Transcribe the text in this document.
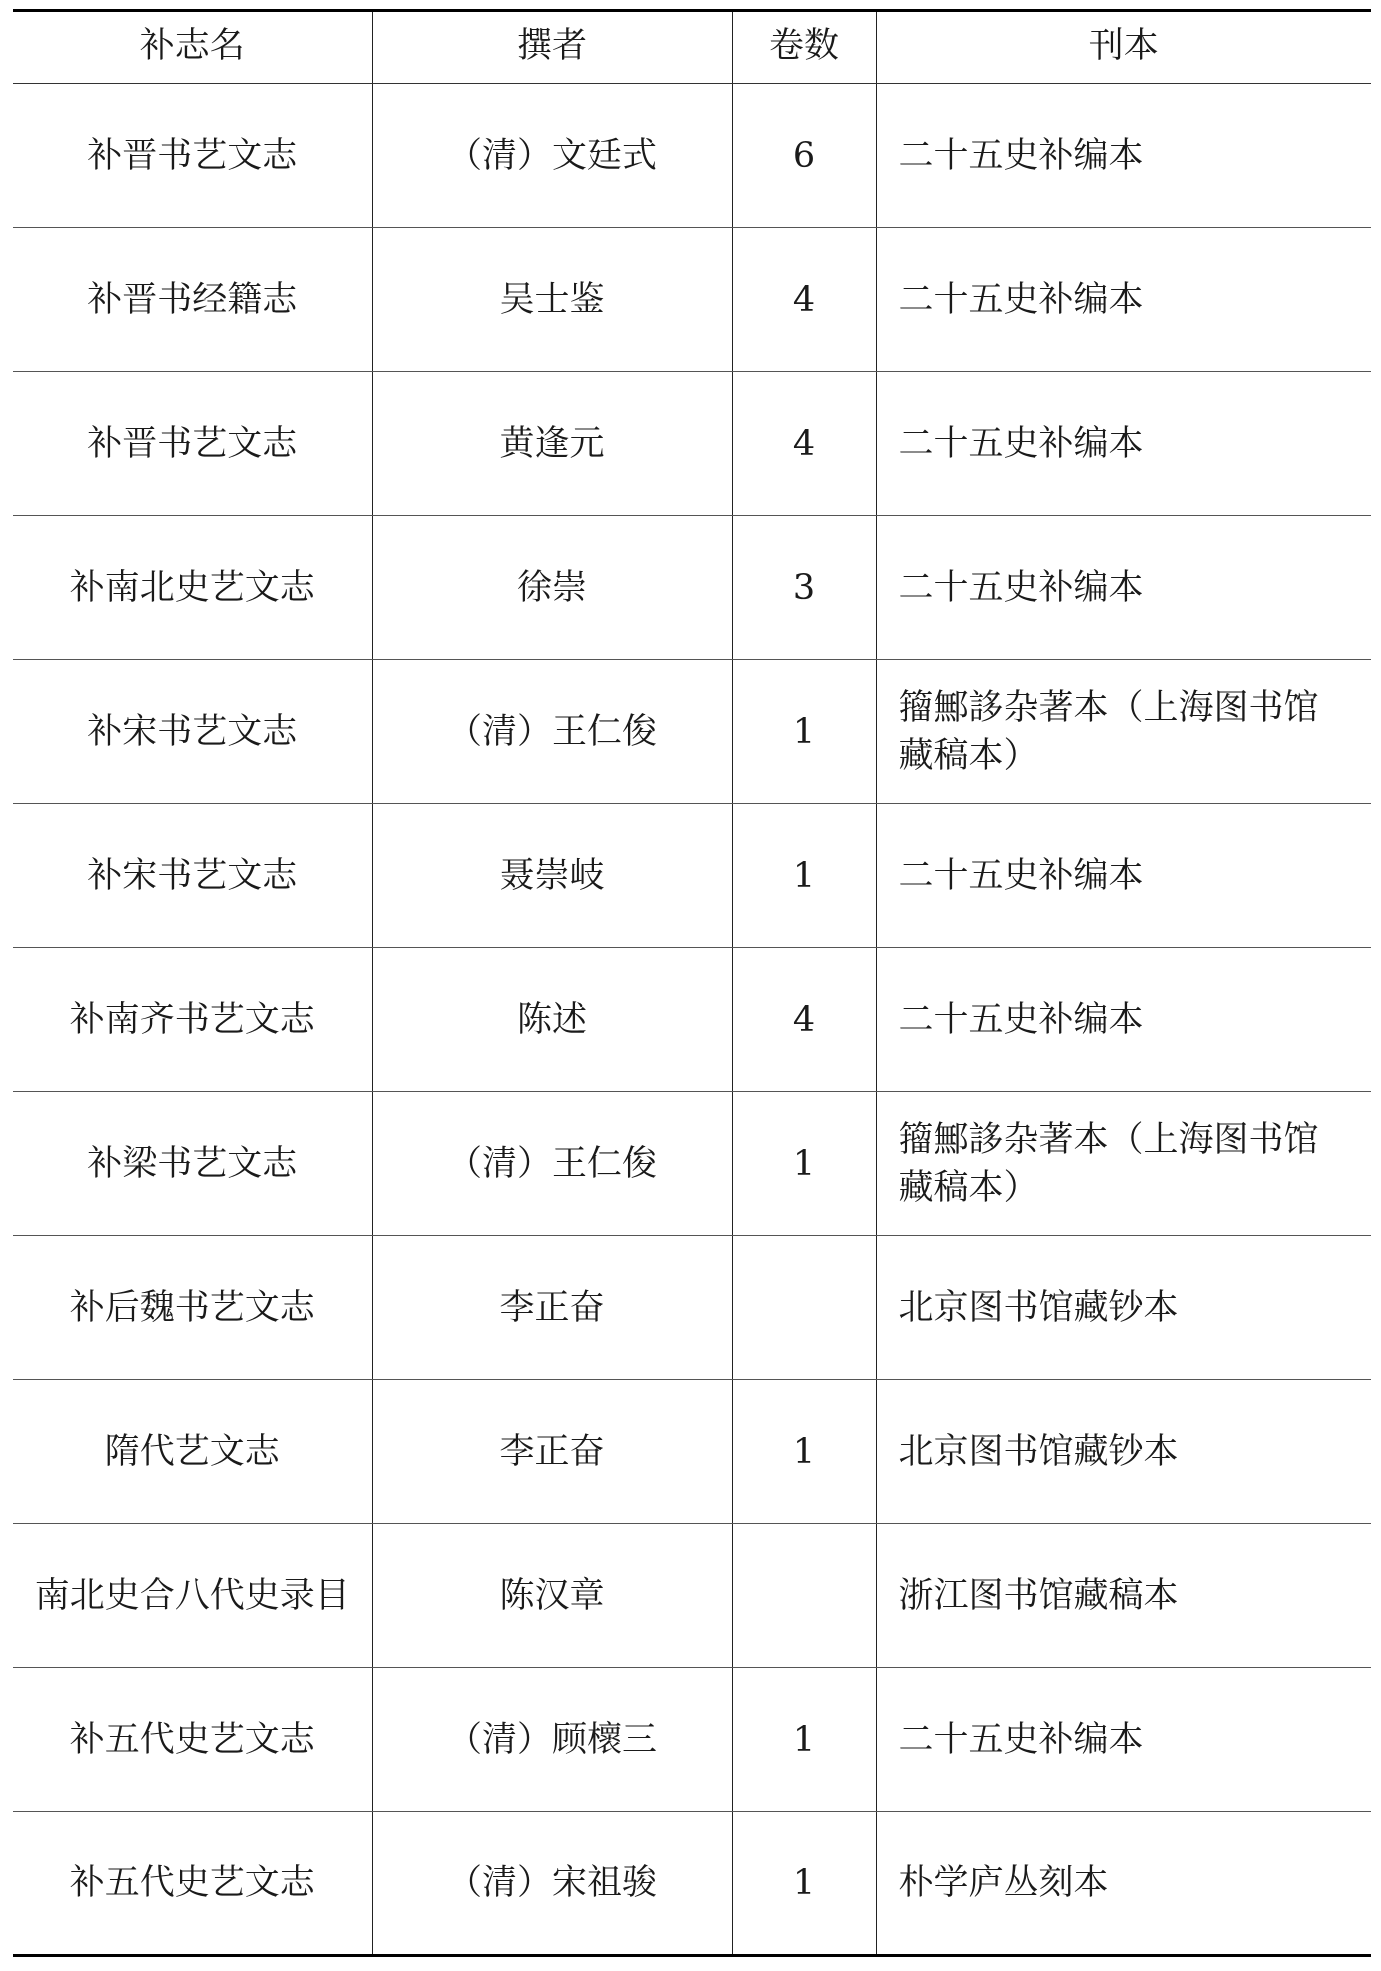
补志名	撰者	卷数	刊本
补晋书艺文志	（清）文廷式	6	二十五史补编本
补晋书经籍志	吴士鉴	4	二十五史补编本
补晋书艺文志	黄逢元	4	二十五史补编本
补南北史艺文志	徐崇	3	二十五史补编本
补宋书艺文志	（清）王仁俊	1	籀鄦誃杂著本（上海图书馆藏稿本）
补宋书艺文志	聂崇岐	1	二十五史补编本
补南齐书艺文志	陈述	4	二十五史补编本
补梁书艺文志	（清）王仁俊	1	籀鄦誃杂著本（上海图书馆藏稿本）
补后魏书艺文志	李正奋		北京图书馆藏钞本
隋代艺文志	李正奋	1	北京图书馆藏钞本
南北史合八代史录目	陈汉章		浙江图书馆藏稿本
补五代史艺文志	（清）顾櫰三	1	二十五史补编本
补五代史艺文志	（清）宋祖骏	1	朴学庐丛刻本
